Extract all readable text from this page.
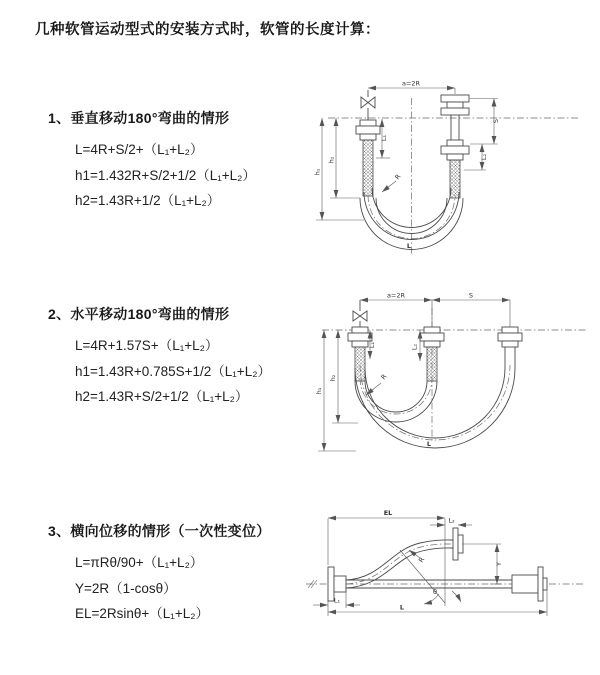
几种软管运动型式的安装方式时，软管的长度计算：
1、垂直移动180°弯曲的情形
L=4R+S/2+（L₁+L₂）
h1=1.432R+S/2+1/2（L₁+L₂）
h2=1.43R+1/2（L₁+L₂）
2、水平移动180°弯曲的情形
L=4R+1.57S+（L₁+L₂）
h1=1.43R+0.785S+1/2（L₁+L₂）
h2=1.43R+S/2+1/2（L₁+L₂）
3、横向位移的情形（一次性变位）
L=πRθ/90+（L₁+L₂）
Y=2R（1-cosθ）
EL=2Rsinθ+（L₁+L₂）
a=2R
h₁
h₂
L₁
S
L₂
R
L
a=2R	S
h₁
h₂
L₁	L₂
R
L
EL
L₂
Y
R
θ
L
L₁
